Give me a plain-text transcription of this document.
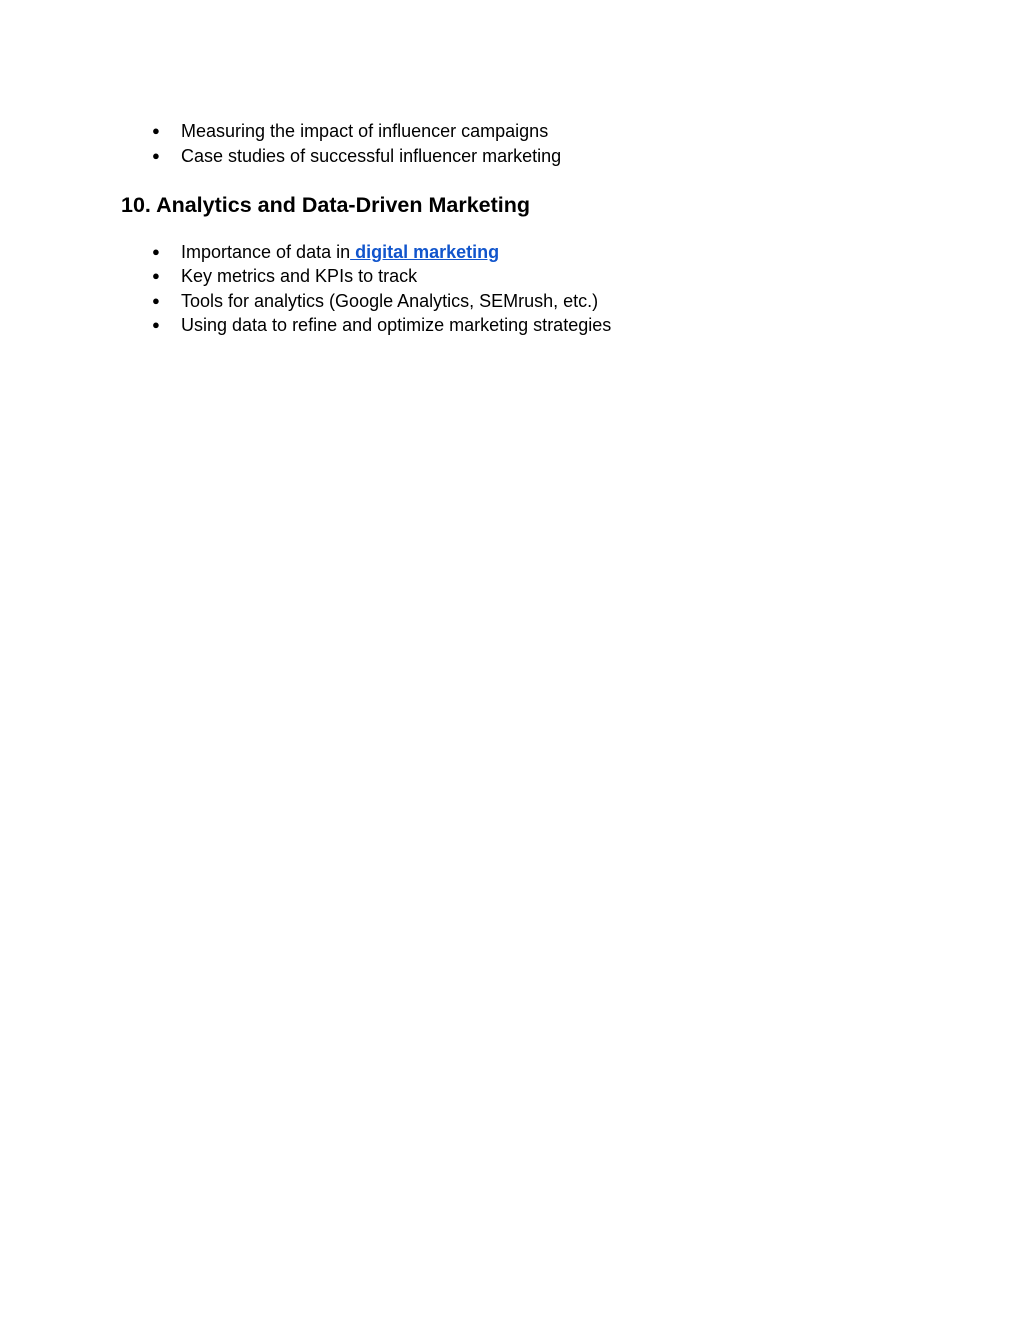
● Measuring the impact of influencer campaigns
● Case studies of successful influencer marketing
10. Analytics and Data-Driven Marketing
● Importance of data in digital marketing
● Key metrics and KPIs to track
● Tools for analytics (Google Analytics, SEMrush, etc.)
● Using data to refine and optimize marketing strategies
